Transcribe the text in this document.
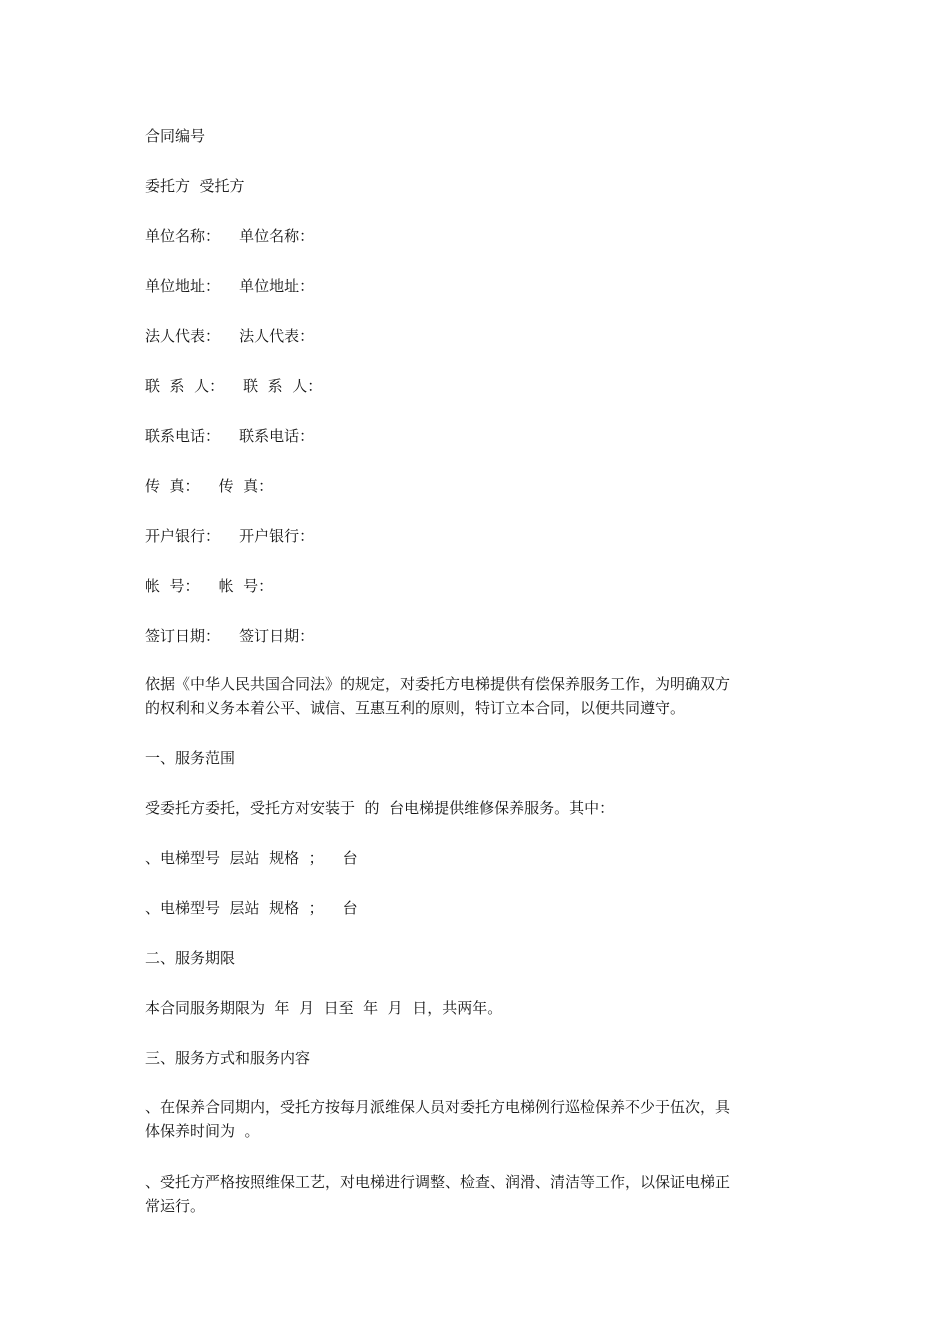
合同编号
委托方  受托方
单位名称：    单位名称：
单位地址：    单位地址：
法人代表：    法人代表：
联  系  人：    联  系  人：
联系电话：    联系电话：
传  真：    传  真：
开户银行：    开户银行：
帐  号：    帐  号：
签订日期：    签订日期：
依据《中华人民共国合同法》的规定，对委托方电梯提供有偿保养服务工作，为明确双方
的权利和义务本着公平、诚信、互惠互利的原则，特订立本合同，以便共同遵守。
一、服务范围
受委托方委托，受托方对安装于  的  台电梯提供维修保养服务。其中：
、电梯型号  层站  规格  ；    台
、电梯型号  层站  规格  ；    台
二、服务期限
本合同服务期限为  年  月  日至  年  月  日，共两年。
三、服务方式和服务内容
、在保养合同期内，受托方按每月派维保人员对委托方电梯例行巡检保养不少于伍次，具
体保养时间为  。
、受托方严格按照维保工艺，对电梯进行调整、检查、润滑、清洁等工作，以保证电梯正
常运行。
